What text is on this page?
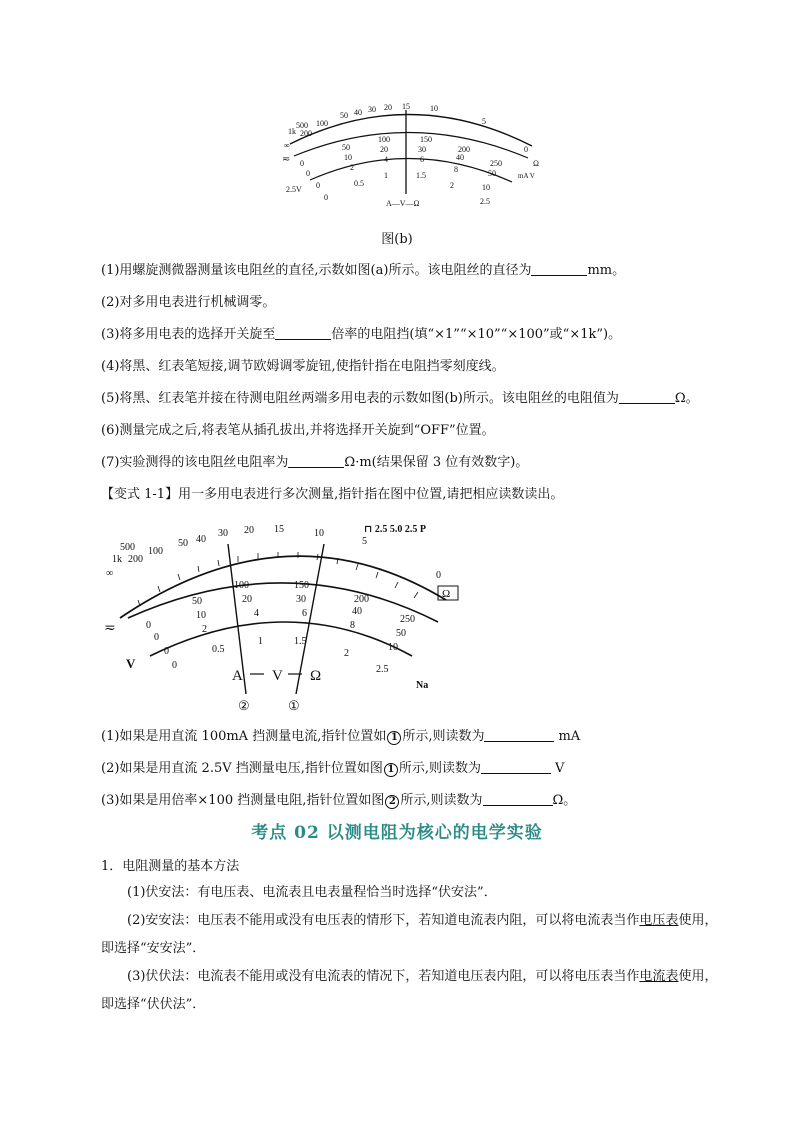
∞
1k
500
200
100
50 40 30 20 15	10
5
0
0
50
100	150
200
250
0
10
20	30
40
50
0
2
4	6
8
10
0
0.5
1	1.5
2
2.5
Ω
mA V
≂
2.5V
A—V—Ω
图(b)
(1)用螺旋测微器测量该电阻丝的直径,示数如图(a)所示。该电阻丝的直径为	mm。
(2)对多用电表进行机械调零。
(3)将多用电表的选择开关旋至	倍率的电阻挡(填“×1”“×10”“×100”或“×1k”)。
(4)将黑、红表笔短接,调节欧姆调零旋钮,使指针指在电阻挡零刻度线。
(5)将黑、红表笔并接在待测电阻丝两端多用电表的示数如图(b)所示。该电阻丝的电阻值为	Ω。
(6)测量完成之后,将表笔从插孔拔出,并将选择开关旋到“OFF”位置。
(7)实验测得的该电阻丝电阻率为	Ω·m(结果保留 3 位有效数字)。
【变式 1-1】用一多用电表进行多次测量,指针指在图中位置,请把相应读数读出。
∞
1k
500
200
100
50 40
30 20 15	10
5
0
0
50
100	150
200
250
0
10
20	30
40
50
0
2
4	6
8
10
0
0.5
1	1.5
2
2.5
⊓ 2.5 5.0 2.5 P
Ω
≂
V
A V Ω
Na
②	①
(1)如果是用直流 100mA 挡测量电流,指针位置如 1 所示,则读数为	mA
(2)如果是用直流 2.5V 挡测量电压,指针位置如图 1 所示,则读数为	V
(3)如果是用倍率×100 挡测量电阻,指针位置如图 2 所示,则读数为	Ω。
考点 02 以测电阻为核心的电学实验
1．电阻测量的基本方法
(1)伏安法：有电压表、电流表且电表量程恰当时选择“伏安法”．
(2)安安法：电压表不能用或没有电压表的情形下，若知道电流表内阻，可以将电流表当作电压表使用，
即选择“安安法”．
(3)伏伏法：电流表不能用或没有电流表的情况下，若知道电压表内阻，可以将电压表当作电流表使用，
即选择“伏伏法”．
